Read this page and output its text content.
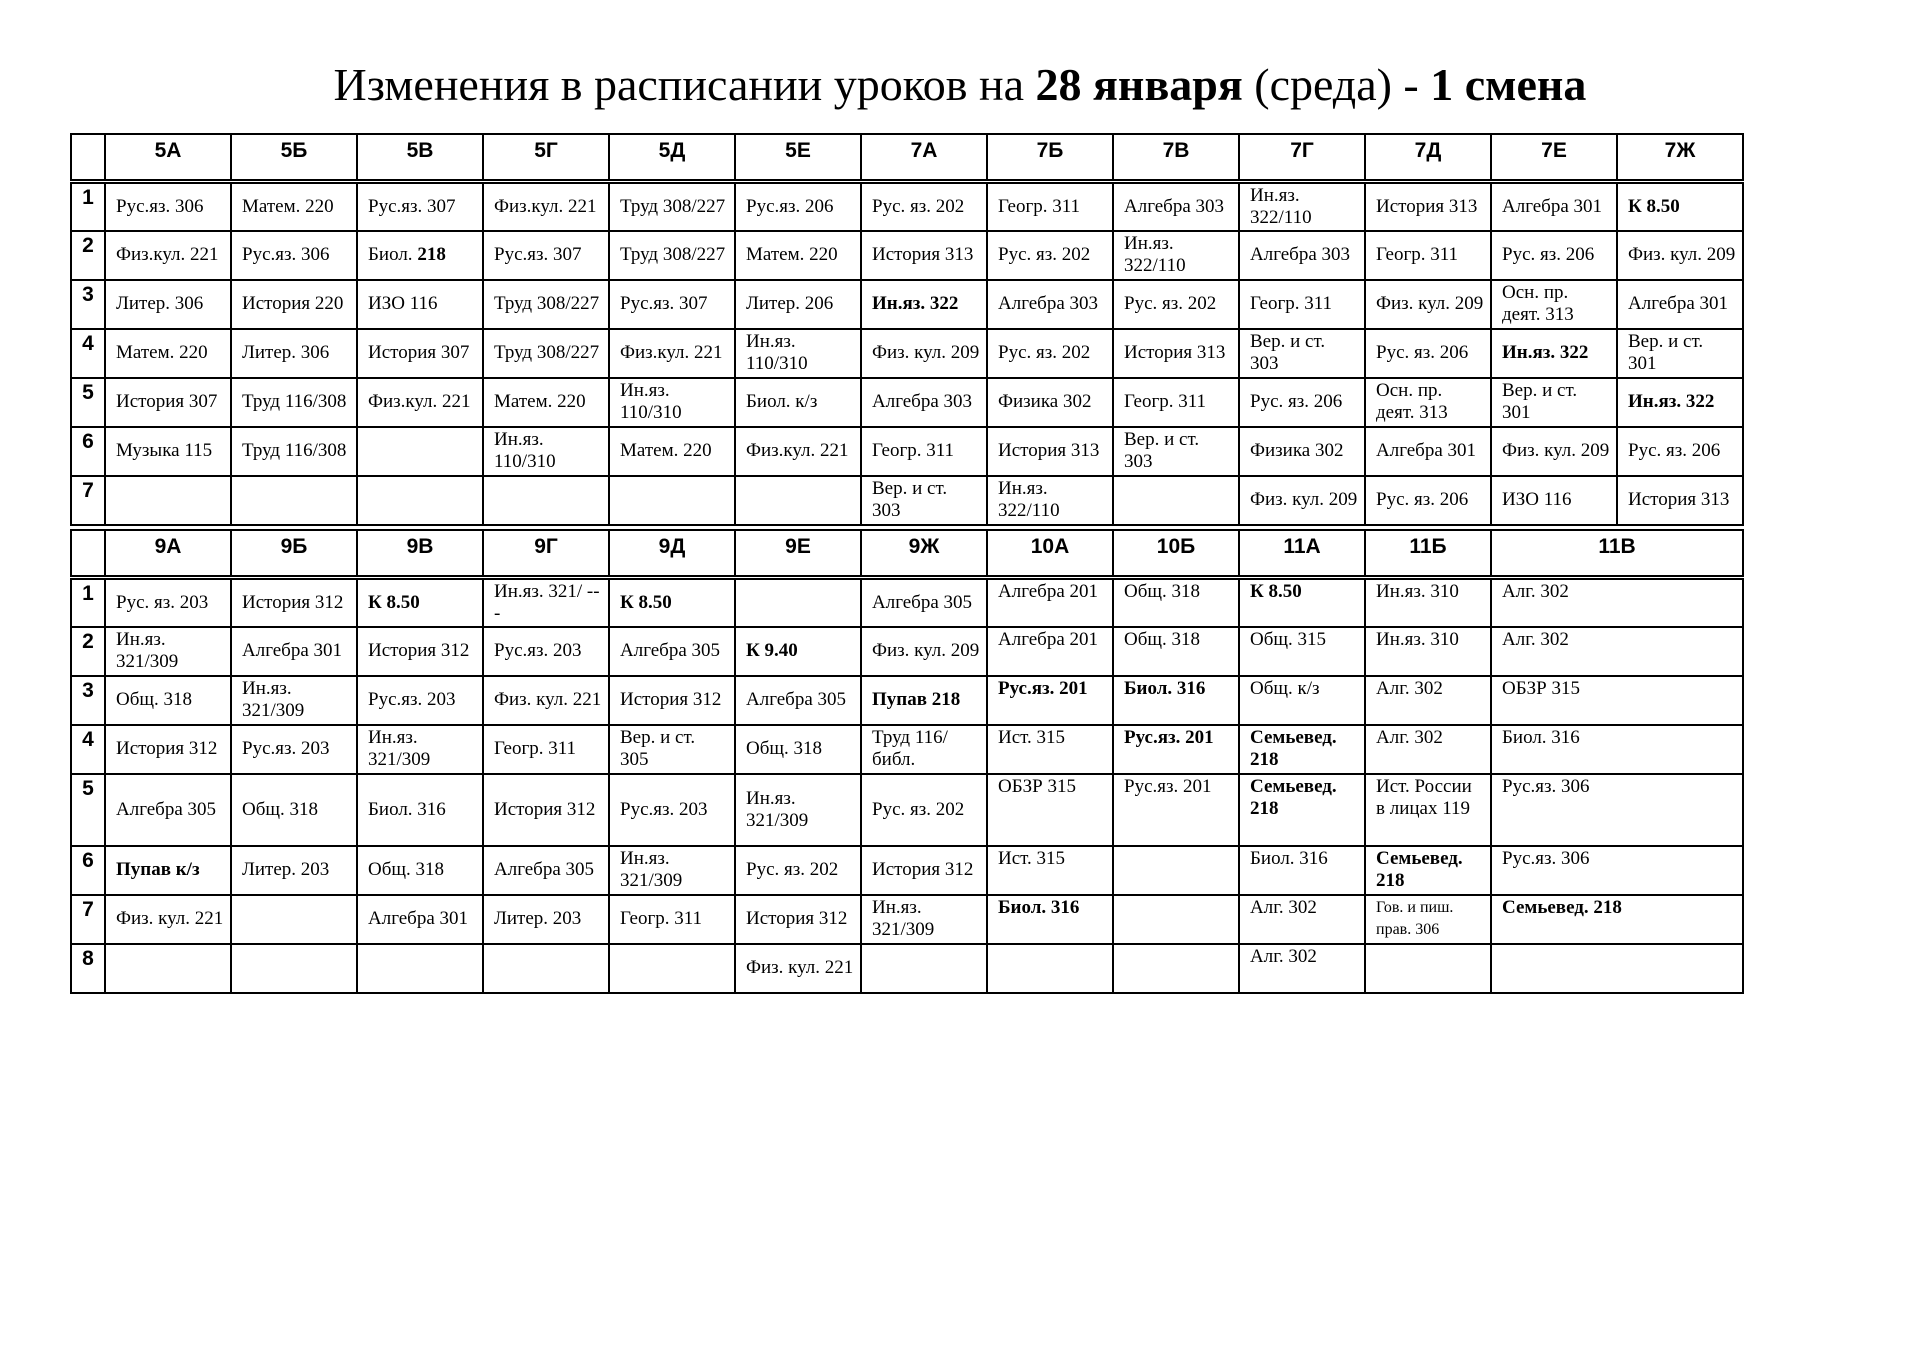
Изменения в расписании уроков на 28 января (среда) - 1 смена
	5А	5Б	5В	5Г	5Д	5Е	7А	7Б	7В	7Г	7Д	7Е	7Ж
1	Рус.яз. 306	Матем. 220	Рус.яз. 307	Физ.кул. 221	Труд 308/227	Рус.яз. 206	Рус. яз. 202	Геогр. 311	Алгебра 303	Ин.яз. 322/110	История 313	Алгебра 301	К 8.50
2	Физ.кул. 221	Рус.яз. 306	Биол. 218	Рус.яз. 307	Труд 308/227	Матем. 220	История 313	Рус. яз. 202	Ин.яз. 322/110	Алгебра 303	Геогр. 311	Рус. яз. 206	Физ. кул. 209
3	Литер. 306	История 220	ИЗО 116	Труд 308/227	Рус.яз. 307	Литер. 206	Ин.яз. 322	Алгебра 303	Рус. яз. 202	Геогр. 311	Физ. кул. 209	Осн. пр. деят. 313	Алгебра 301
4	Матем. 220	Литер. 306	История 307	Труд 308/227	Физ.кул. 221	Ин.яз. 110/310	Физ. кул. 209	Рус. яз. 202	История 313	Вер. и ст. 303	Рус. яз. 206	Ин.яз. 322	Вер. и ст. 301
5	История 307	Труд 116/308	Физ.кул. 221	Матем. 220	Ин.яз. 110/310	Биол. к/з	Алгебра 303	Физика 302	Геогр. 311	Рус. яз. 206	Осн. пр. деят. 313	Вер. и ст. 301	Ин.яз. 322
6	Музыка 115	Труд 116/308		Ин.яз. 110/310	Матем. 220	Физ.кул. 221	Геогр. 311	История 313	Вер. и ст. 303	Физика 302	Алгебра 301	Физ. кул. 209	Рус. яз. 206
7							Вер. и ст. 303	Ин.яз. 322/110		Физ. кул. 209	Рус. яз. 206	ИЗО 116	История 313
	9А	9Б	9В	9Г	9Д	9Е	9Ж	10А	10Б	11А	11Б	11В
1	Рус. яз. 203	История 312	К 8.50	Ин.яз. 321/ ---	К 8.50		Алгебра 305	Алгебра 201	Общ. 318	К 8.50	Ин.яз. 310	Алг. 302
2	Ин.яз. 321/309	Алгебра 301	История 312	Рус.яз. 203	Алгебра 305	К 9.40	Физ. кул. 209	Алгебра 201	Общ. 318	Общ. 315	Ин.яз. 310	Алг. 302
3	Общ. 318	Ин.яз. 321/309	Рус.яз. 203	Физ. кул. 221	История 312	Алгебра 305	Пупав 218	Рус.яз. 201	Биол. 316	Общ. к/з	Алг. 302	ОБЗР 315
4	История 312	Рус.яз. 203	Ин.яз. 321/309	Геогр. 311	Вер. и ст. 305	Общ. 318	Труд 116/библ.	Ист. 315	Рус.яз. 201	Семьевед. 218	Алг. 302	Биол. 316
5	Алгебра 305	Общ. 318	Биол. 316	История 312	Рус.яз. 203	Ин.яз. 321/309	Рус. яз. 202	ОБЗР 315	Рус.яз. 201	Семьевед. 218	Ист. России в лицах 119	Рус.яз. 306
6	Пупав к/з	Литер. 203	Общ. 318	Алгебра 305	Ин.яз. 321/309	Рус. яз. 202	История 312	Ист. 315		Биол. 316	Семьевед. 218	Рус.яз. 306
7	Физ. кул. 221		Алгебра 301	Литер. 203	Геогр. 311	История 312	Ин.яз. 321/309	Биол. 316		Алг. 302	Гов. и пиш. прав. 306	Семьевед. 218
8						Физ. кул. 221				Алг. 302		
